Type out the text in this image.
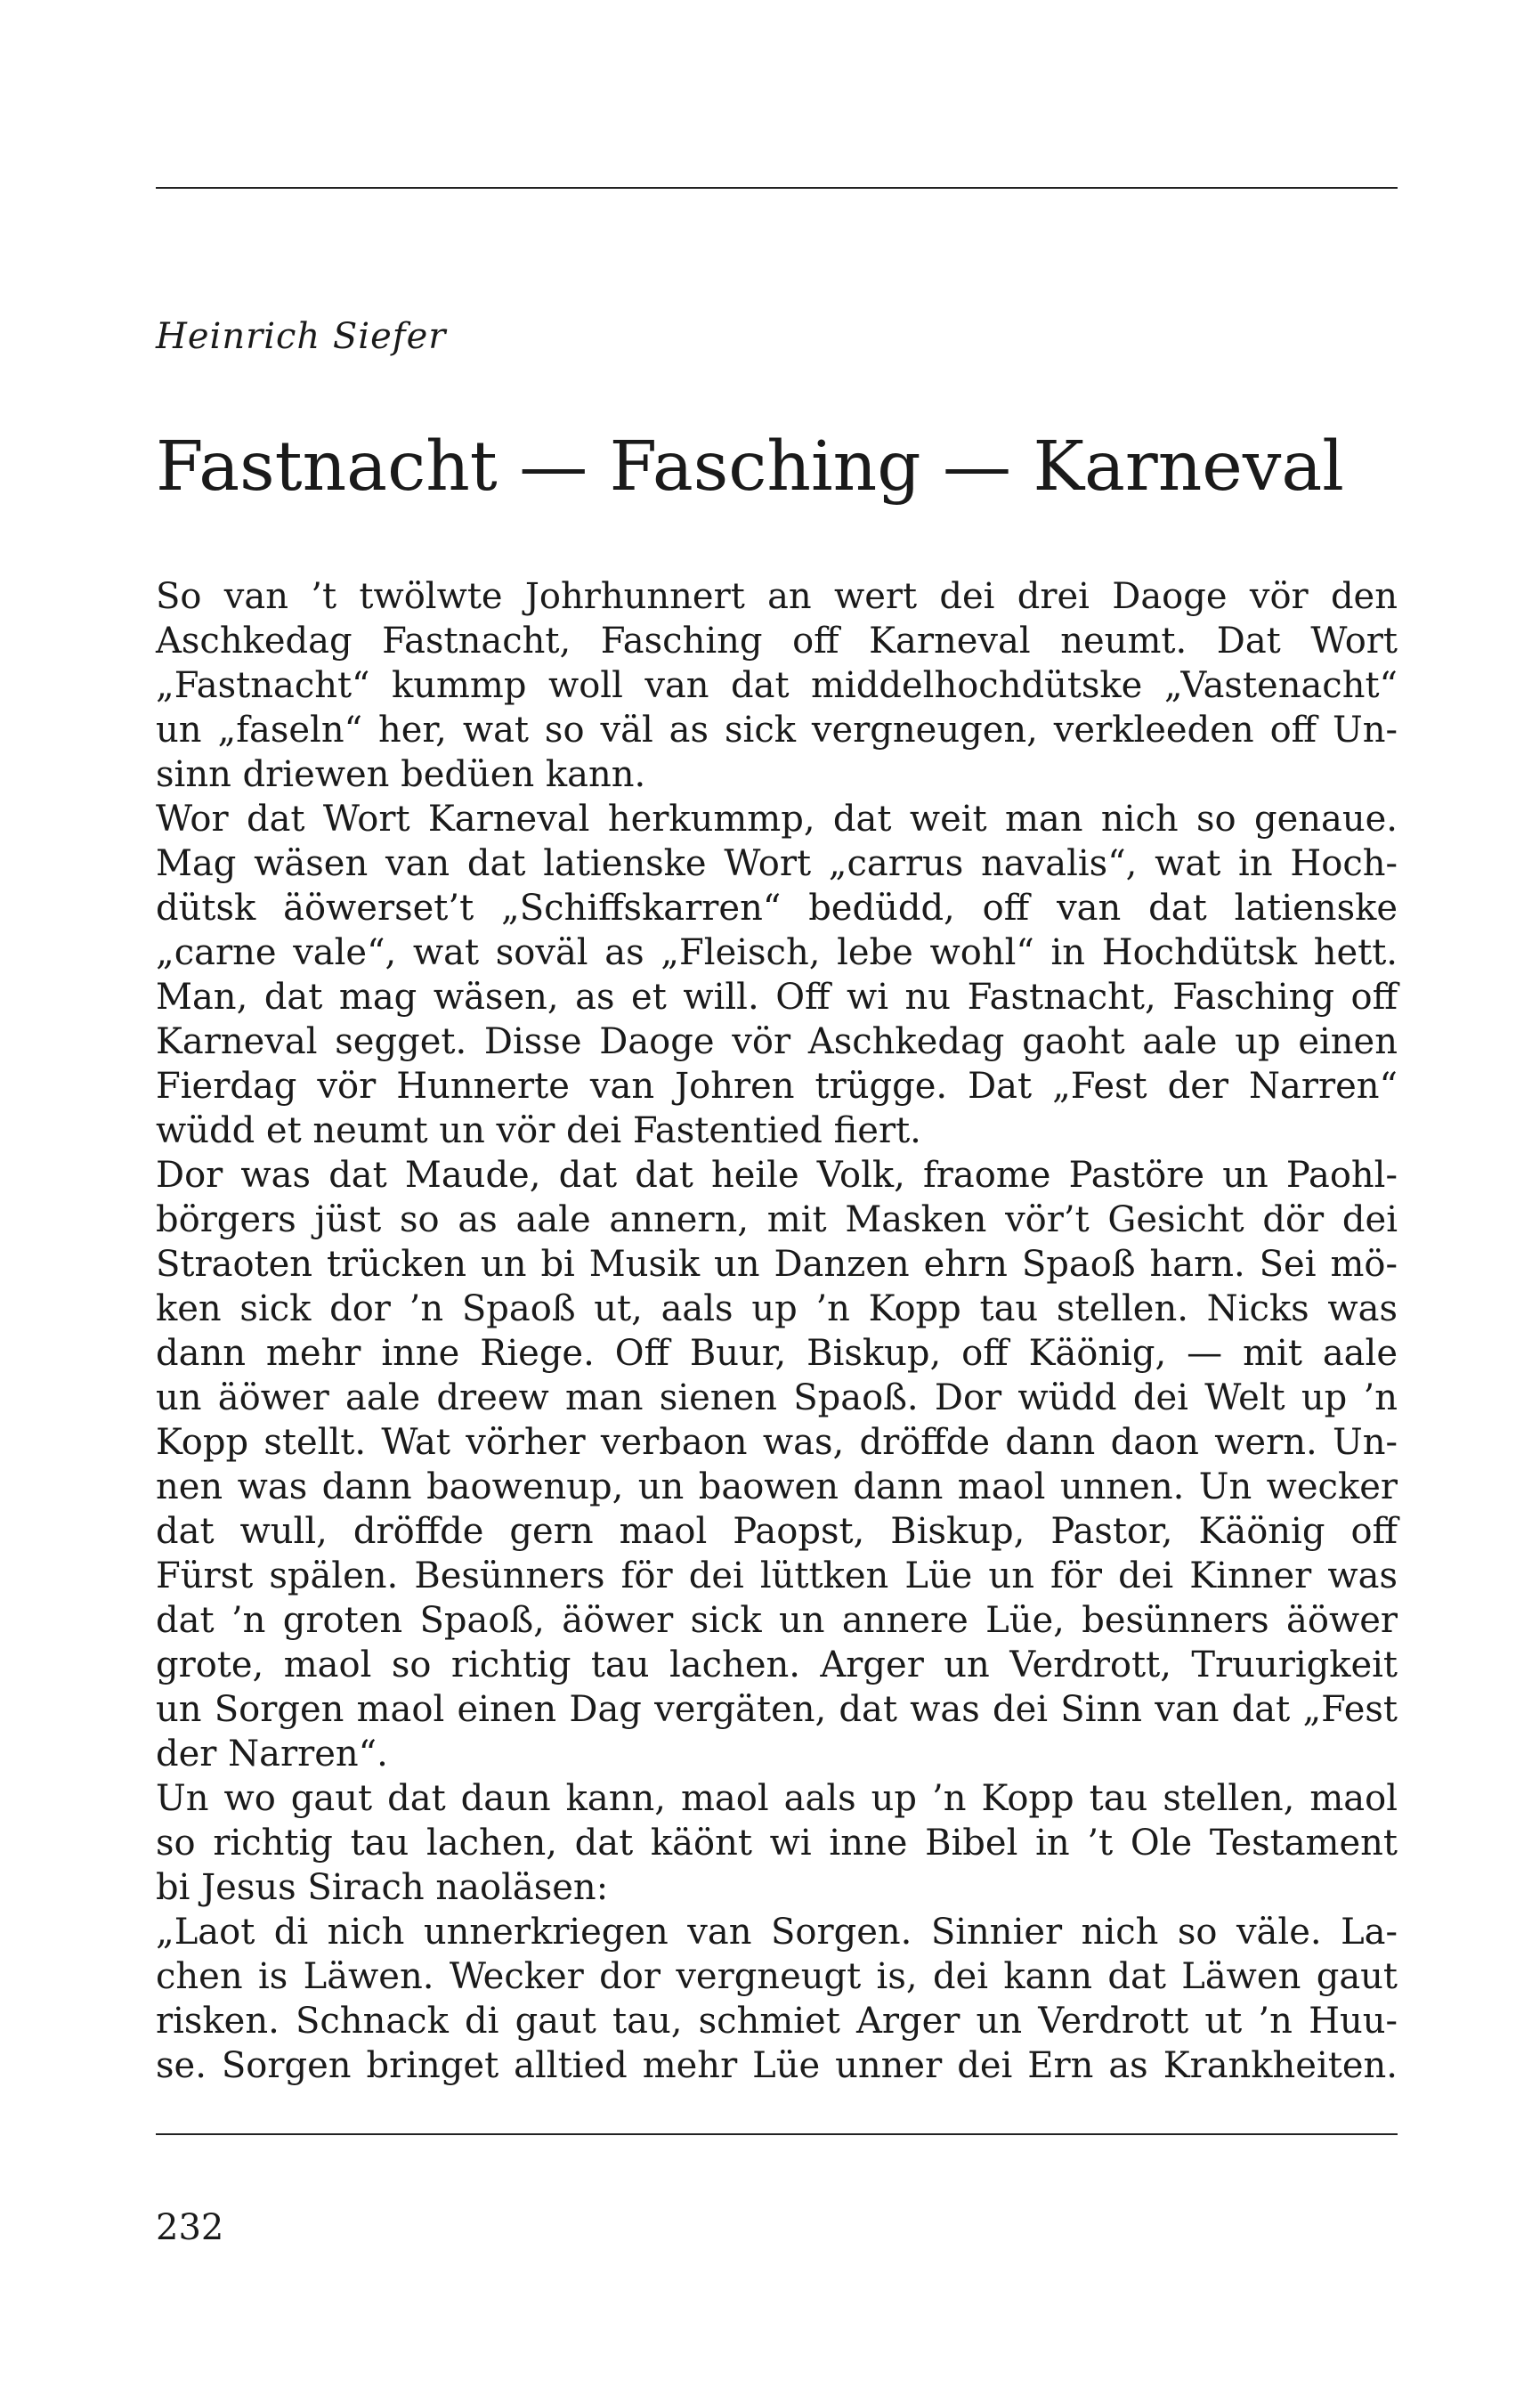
Heinrich Siefer
Fastnacht — Fasching — Karneval
So van ’t twölwte Johrhunnert an wert dei drei Daoge vör den
Aschkedag Fastnacht, Fasching off Karneval neumt. Dat Wort
„Fastnacht“ kummp woll van dat middelhochdütske „Vastenacht“
un „faseln“ her, wat so väl as sick vergneugen, verkleeden off Un-
sinn driewen bedüen kann.
Wor dat Wort Karneval herkummp, dat weit man nich so genaue.
Mag wäsen van dat latienske Wort „carrus navalis“, wat in Hoch-
dütsk äöwerset’t „Schiffskarren“ bedüdd, off van dat latienske
„carne vale“, wat soväl as „Fleisch, lebe wohl“ in Hochdütsk hett.
Man, dat mag wäsen, as et will. Off wi nu Fastnacht, Fasching off
Karneval segget. Disse Daoge vör Aschkedag gaoht aale up einen
Fierdag vör Hunnerte van Johren trügge. Dat „Fest der Narren“
wüdd et neumt un vör dei Fastentied fiert.
Dor was dat Maude, dat dat heile Volk, fraome Pastöre un Paohl-
börgers jüst so as aale annern, mit Masken vör’t Gesicht dör dei
Straoten trücken un bi Musik un Danzen ehrn Spaoß harn. Sei mö-
ken sick dor ’n Spaoß ut, aals up ’n Kopp tau stellen. Nicks was
dann mehr inne Riege. Off Buur, Biskup, off Käönig, — mit aale
un äöwer aale dreew man sienen Spaoß. Dor wüdd dei Welt up ’n
Kopp stellt. Wat vörher verbaon was, dröffde dann daon wern. Un-
nen was dann baowenup, un baowen dann maol unnen. Un wecker
dat wull, dröffde gern maol Paopst, Biskup, Pastor, Käönig off
Fürst spälen. Besünners för dei lüttken Lüe un för dei Kinner was
dat ’n groten Spaoß, äöwer sick un annere Lüe, besünners äöwer
grote, maol so richtig tau lachen. Arger un Verdrott, Truurigkeit
un Sorgen maol einen Dag vergäten, dat was dei Sinn van dat „Fest
der Narren“.
Un wo gaut dat daun kann, maol aals up ’n Kopp tau stellen, maol
so richtig tau lachen, dat käönt wi inne Bibel in ’t Ole Testament
bi Jesus Sirach naoläsen:
„Laot di nich unnerkriegen van Sorgen. Sinnier nich so väle. La-
chen is Läwen. Wecker dor vergneugt is, dei kann dat Läwen gaut
risken. Schnack di gaut tau, schmiet Arger un Verdrott ut ’n Huu-
se. Sorgen bringet alltied mehr Lüe unner dei Ern as Krankheiten.
232
